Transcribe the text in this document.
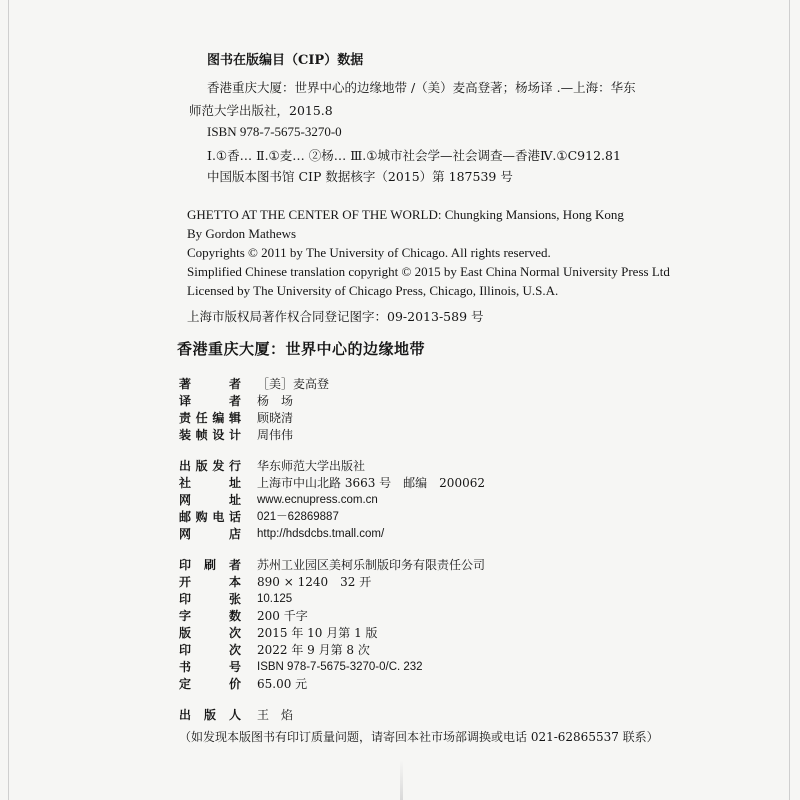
图书在版编目（CIP）数据
香港重庆大厦：世界中心的边缘地带 /（美）麦高登著；杨场译 .—上海：华东
师范大学出版社，2015.8
ISBN 978-7-5675-3270-0
Ⅰ.①香… Ⅱ.①麦… ②杨… Ⅲ.①城市社会学—社会调查—香港Ⅳ.①C912.81
中国版本图书馆 CIP 数据核字（2015）第 187539 号
GHETTO AT THE CENTER OF THE WORLD: Chungking Mansions, Hong Kong
By Gordon Mathews
Copyrights © 2011 by The University of Chicago. All rights reserved.
Simplified Chinese translation copyright © 2015 by East China Normal University Press Ltd
Licensed by The University of Chicago Press, Chicago, Illinois, U.S.A.
上海市版权局著作权合同登记图字：09-2013-589 号
香港重庆大厦：世界中心的边缘地带
著　者 ［美］麦高登
译　者 杨　场
责任编辑 顾晓清
装帧设计 周伟伟
出版发行 华东师范大学出版社
社　址 上海市中山北路 3663 号　邮编　200062
网　址 www.ecnupress.com.cn
邮购电话 021－62869887
网　店 http://hdsdcbs.tmall.com/
印 刷 者 苏州工业园区美柯乐制版印务有限责任公司
开　本 890 × 1240　32 开
印　张 10.125
字　数 200 千字
版　次 2015 年 10 月第 1 版
印　次 2022 年 9 月第 8 次
书　号 ISBN 978-7-5675-3270-0/C. 232
定　价 65.00 元
出 版 人 王　焰
（如发现本版图书有印订质量问题，请寄回本社市场部调换或电话 021-62865537 联系）
